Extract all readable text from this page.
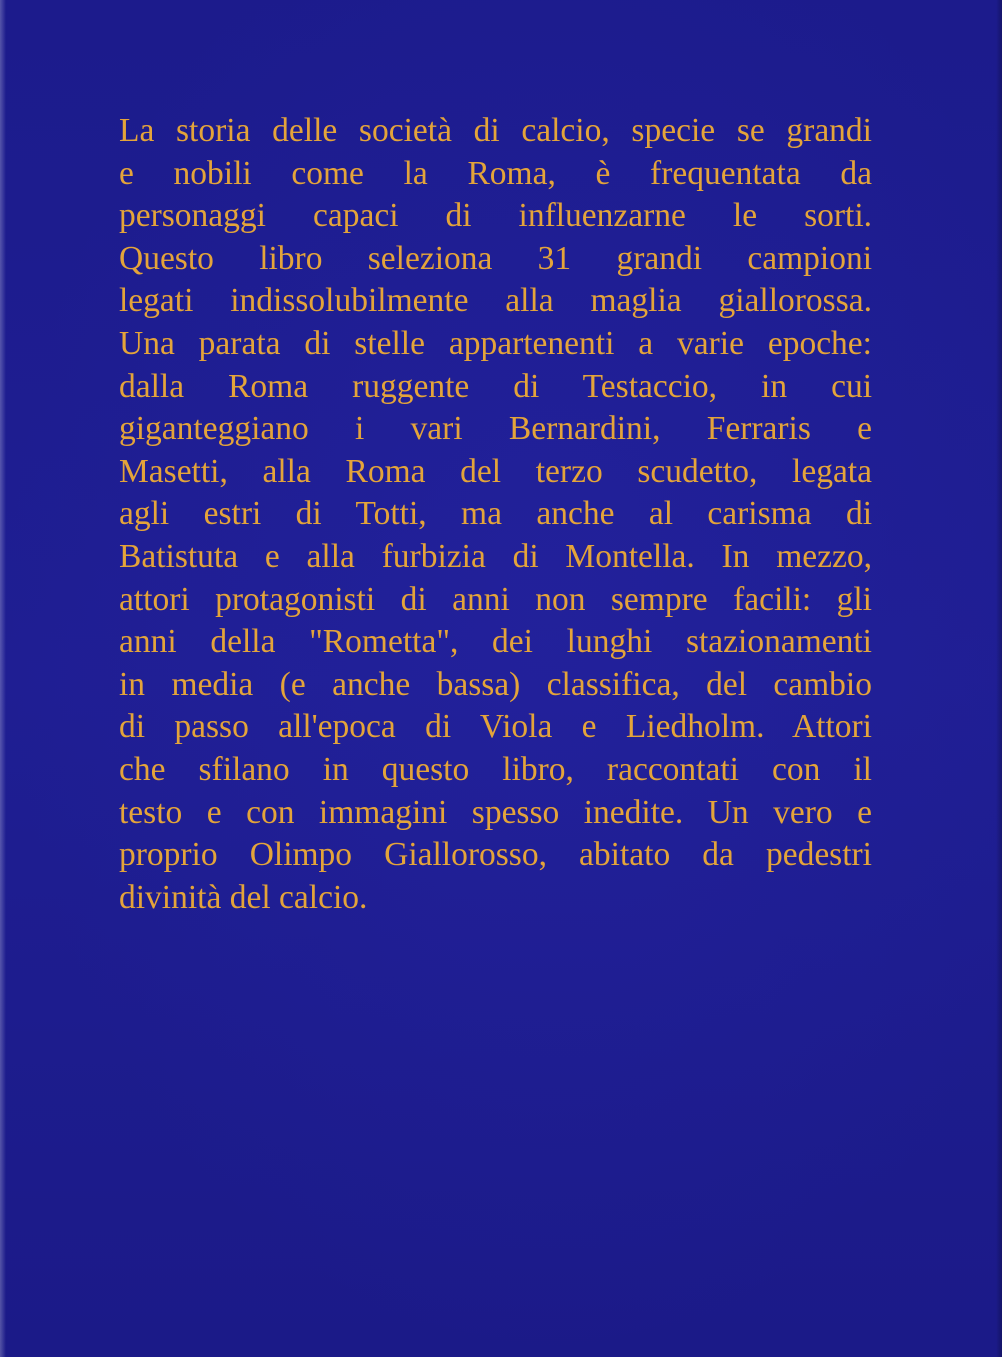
La storia delle società di calcio, specie se grandi
e nobili come la Roma, è frequentata da
personaggi capaci di influenzarne le sorti.
Questo libro seleziona 31 grandi campioni
legati indissolubilmente alla maglia giallorossa.
Una parata di stelle appartenenti a varie epoche:
dalla Roma ruggente di Testaccio, in cui
giganteggiano i vari Bernardini, Ferraris e
Masetti, alla Roma del terzo scudetto, legata
agli estri di Totti, ma anche al carisma di
Batistuta e alla furbizia di Montella. In mezzo,
attori protagonisti di anni non sempre facili: gli
anni della "Rometta", dei lunghi stazionamenti
in media (e anche bassa) classifica, del cambio
di passo all'epoca di Viola e Liedholm. Attori
che sfilano in questo libro, raccontati con il
testo e con immagini spesso inedite. Un vero e
proprio Olimpo Giallorosso, abitato da pedestri
divinità del calcio.
